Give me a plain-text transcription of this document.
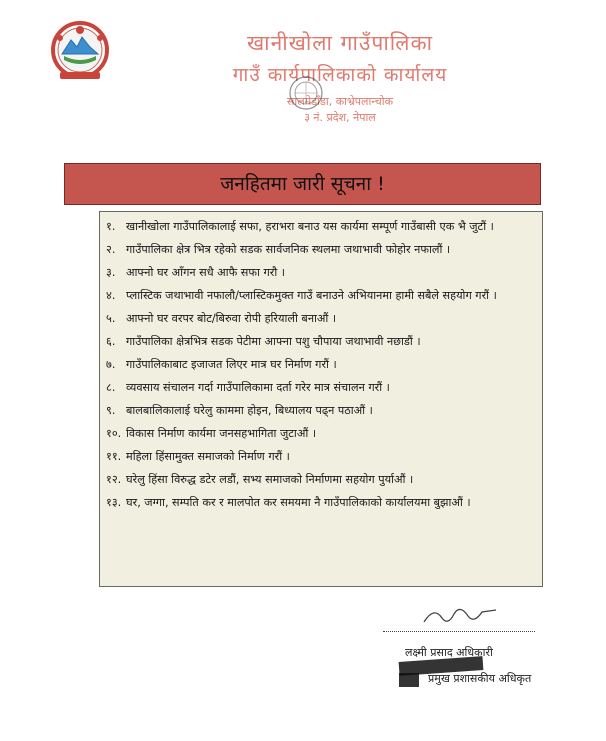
खानीखोला गाउँपालिका
गाउँ कार्यपालिकाको कार्यालय
सालमेडाँडा, काभ्रेपलान्चोक
३ नं. प्रदेश, नेपाल
जनहितमा जारी सूचना !
१. खानीखोला गाउँपालिकालाई सफा, हराभरा बनाउ यस कार्यमा सम्पूर्ण गाउँबासी एक भै जुटौं ।
२. गाउँपालिका क्षेत्र भित्र रहेको सडक सार्वजनिक स्थलमा जथाभावी फोहोर नफालौं ।
३. आफ्नो घर आँगन सधै आफै सफा गरौ ।
४. प्लास्टिक जथाभावी नफालौ/प्लास्टिकमुक्त गाउँ बनाउने अभियानमा हामी सबैले सहयोग गरौं ।
५. आफ्नो घर वरपर बोट/बिरुवा रोपी हरियाली बनाऔं ।
६. गाउँपालिका क्षेत्रभित्र सडक पेटीमा आफ्ना पशु चौपाया जथाभावी नछाडौं ।
७. गाउँपालिकाबाट इजाजत लिएर मात्र घर निर्माण गरौं ।
८. व्यवसाय संचालन गर्दा गाउँपालिकामा दर्ता गरेर मात्र संचालन गरौं ।
९. बालबालिकालाई घरेलु काममा होइन, बिध्यालय पढ्न पठाऔं ।
१०. विकास निर्माण कार्यमा जनसहभागिता जुटाऔं ।
११. महिला हिंसामुक्त समाजको निर्माण गरौं ।
१२. घरेलु हिंसा विरुद्ध डटेर लडौं, सभ्य समाजको निर्माणमा सहयोग पुर्याऔं ।
१३. घर, जग्गा, सम्पति कर र मालपोत कर समयमा नै गाउँपालिकाको कार्यालयमा बुझाऔं ।
लक्ष्मी प्रसाद अधिकारी
प्रमुख प्रशासकीय अधिकृत
